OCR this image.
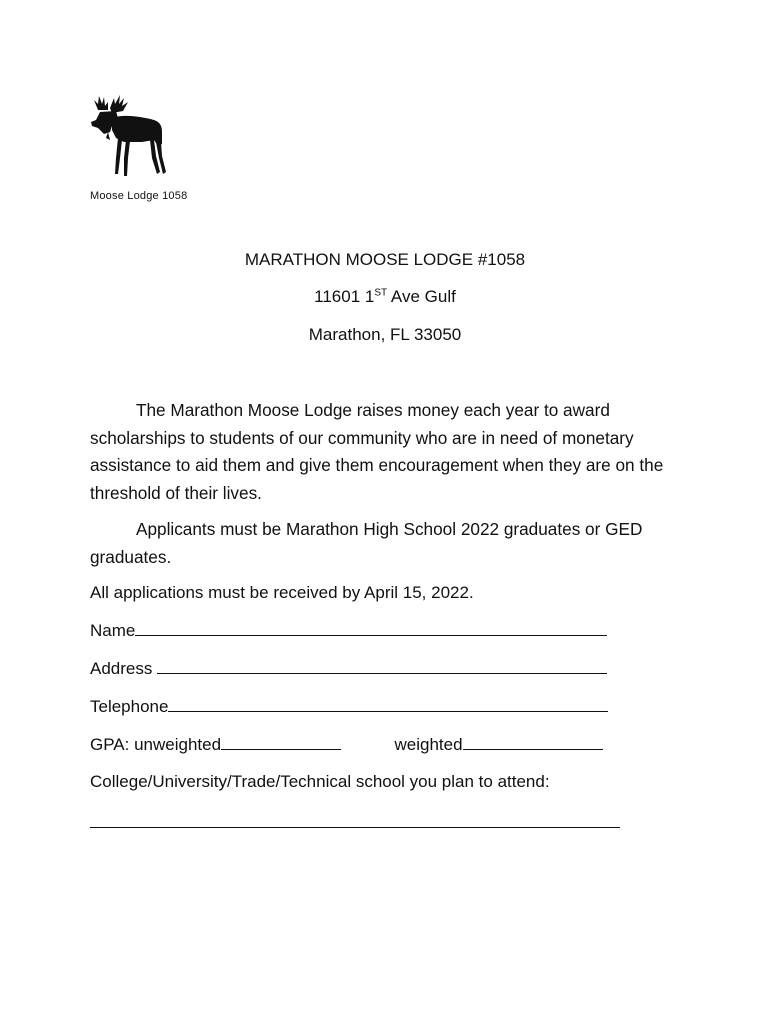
Moose Lodge 1058
MARATHON MOOSE LODGE #1058
11601 1ST Ave Gulf
Marathon, FL 33050

The Marathon Moose Lodge raises money each year to award scholarships to students of our community who are in need of monetary assistance to aid them and give them encouragement when they are on the threshold of their lives.

Applicants must be Marathon High School 2022 graduates or GED graduates.

All applications must be received by April 15, 2022.
Name
Address
Telephone
GPA: unweighted	weighted
College/University/Trade/Technical school you plan to attend:
